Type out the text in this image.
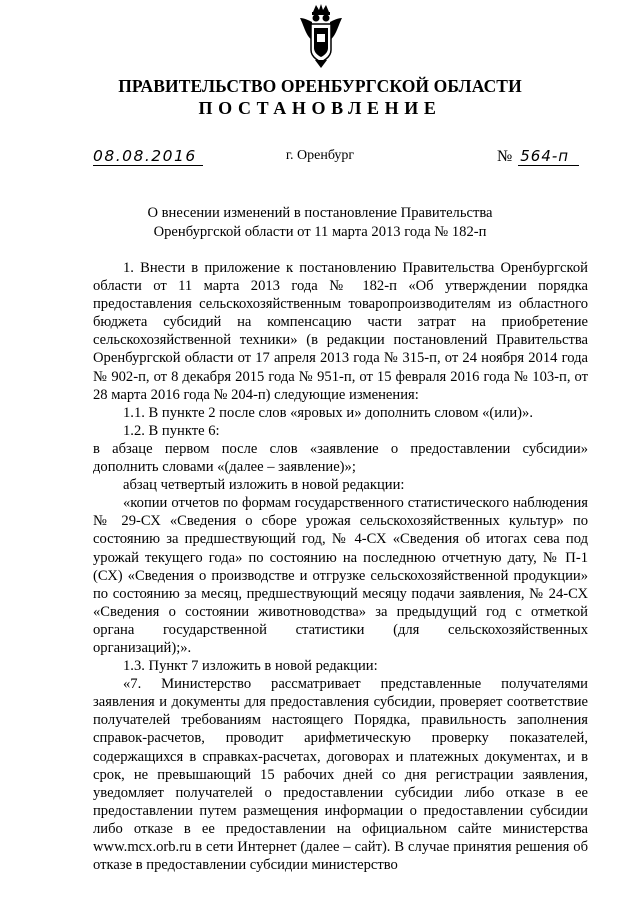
ПРАВИТЕЛЬСТВО ОРЕНБУРГСКОЙ ОБЛАСТИ
ПОСТАНОВЛЕНИЕ
08.08.2016	г. Оренбург	№ 564-п
О внесении изменений в постановление Правительства
Оренбургской области от 11 марта 2013 года № 182-п

1. Внести в приложение к постановлению Правительства Оренбургской области от 11 марта 2013 года № 182-п «Об утверждении порядка предоставления сельскохозяйственным товаропроизводителям из областного бюджета субсидий на компенсацию части затрат на приобретение сельскохозяйственной техники» (в редакции постановлений Правительства Оренбургской области от 17 апреля 2013 года № 315-п, от 24 ноября 2014 года № 902-п, от 8 декабря 2015 года № 951-п, от 15 февраля 2016 года № 103-п, от 28 марта 2016 года № 204-п) следующие изменения:

1.1. В пункте 2 после слов «яровых и» дополнить словом «(или)».

1.2. В пункте 6:

в абзаце первом после слов «заявление о предоставлении субсидии» дополнить словами «(далее – заявление)»;

абзац четвертый изложить в новой редакции:

«копии отчетов по формам государственного статистического наблюдения № 29-СХ «Сведения о сборе урожая сельскохозяйственных культур» по состоянию за предшествующий год, № 4-СХ «Сведения об итогах сева под урожай текущего года» по состоянию на последнюю отчетную дату, № П-1 (СХ) «Сведения о производстве и отгрузке сельскохозяйственной продукции» по состоянию за месяц, предшествующий месяцу подачи заявления, № 24-СХ «Сведения о состоянии животноводства» за предыдущий год с отметкой органа государственной статистики (для сельскохозяйственных организаций);».

1.3. Пункт 7 изложить в новой редакции:

«7. Министерство рассматривает представленные получателями заявления и документы для предоставления субсидии, проверяет соответствие получателей требованиям настоящего Порядка, правильность заполнения справок-расчетов, проводит арифметическую проверку показателей, содержащихся в справках-расчетах, договорах и платежных документах, и в срок, не превышающий 15 рабочих дней со дня регистрации заявления, уведомляет получателей о предоставлении субсидии либо отказе в ее предоставлении путем размещения информации о предоставлении субсидии либо отказе в ее предоставлении на официальном сайте министерства www.mcx.orb.ru в сети Интернет (далее – сайт). В случае принятия решения об отказе в предоставлении субсидии министерство
